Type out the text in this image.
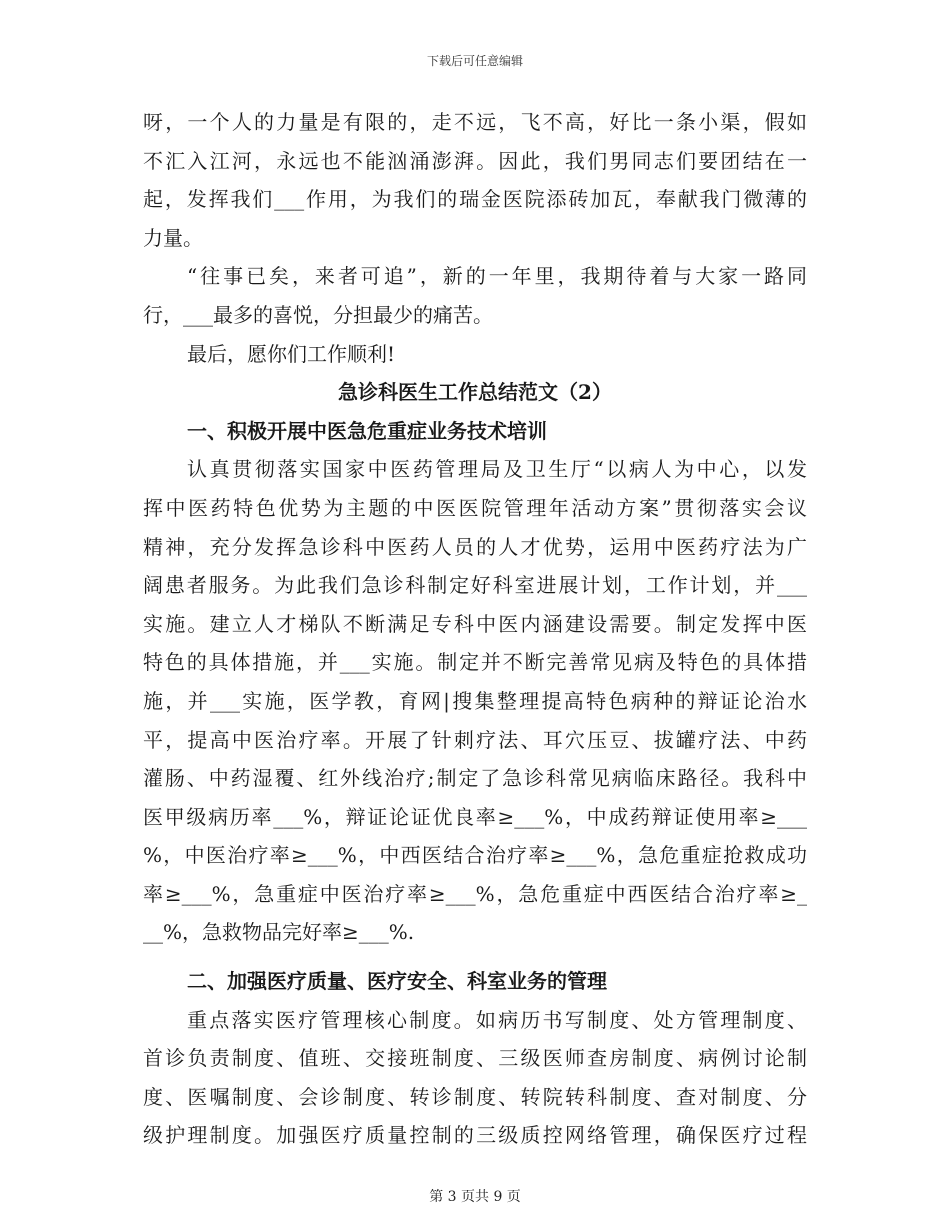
下载后可任意编辑
呀，一个人的力量是有限的，走不远，飞不高，好比一条小渠，假如
不汇入江河，永远也不能汹涌澎湃。因此，我们男同志们要团结在一
起，发挥我们___作用，为我们的瑞金医院添砖加瓦，奉献我门微薄的
力量。
“往事已矣，来者可追”，新的一年里，我期待着与大家一路同
行，___最多的喜悦，分担最少的痛苦。
最后，愿你们工作顺利!
急诊科医生工作总结范文（2）
一、积极开展中医急危重症业务技术培训
认真贯彻落实国家中医药管理局及卫生厅“以病人为中心，以发
挥中医药特色优势为主题的中医医院管理年活动方案”贯彻落实会议
精神，充分发挥急诊科中医药人员的人才优势，运用中医药疗法为广
阔患者服务。为此我们急诊科制定好科室进展计划，工作计划，并___
实施。建立人才梯队不断满足专科中医内涵建设需要。制定发挥中医
特色的具体措施，并___实施。制定并不断完善常见病及特色的具体措
施，并___实施，医学教，育网|搜集整理提高特色病种的辩证论治水
平，提高中医治疗率。开展了针刺疗法、耳穴压豆、拔罐疗法、中药
灌肠、中药湿覆、红外线治疗;制定了急诊科常见病临床路径。我科中
医甲级病历率___%，辩证论证优良率≥___%，中成药辩证使用率≥___
%，中医治疗率≥___%，中西医结合治疗率≥___%，急危重症抢救成功
率≥___%，急重症中医治疗率≥___%，急危重症中西医结合治疗率≥_
__%，急救物品完好率≥___%.
二、加强医疗质量、医疗安全、科室业务的管理
重点落实医疗管理核心制度。如病历书写制度、处方管理制度、
首诊负责制度、值班、交接班制度、三级医师查房制度、病例讨论制
度、医嘱制度、会诊制度、转诊制度、转院转科制度、查对制度、分
级护理制度。加强医疗质量控制的三级质控网络管理，确保医疗过程
第 3 页共 9 页
